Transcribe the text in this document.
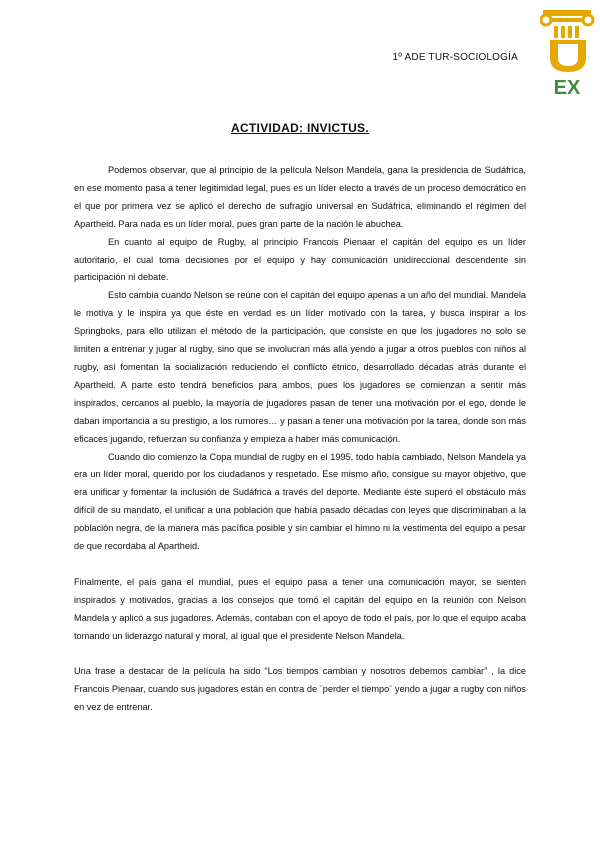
1º ADE TUR-SOCIOLOGÍA
EX
ACTIVIDAD: INVICTUS.

Podemos observar, que al principio de la película Nelson Mandela, gana la presidencia de Sudáfrica, en ese momento pasa a tener legitimidad legal, pues es un líder electo a través de un proceso democrático en el que por primera vez se aplicó el derecho de sufragio universal en Sudáfrica, eliminando el régimen del Apartheid. Para nada es un líder moral, pues gran parte de la nación le abuchea.

En cuanto al equipo de Rugby, al principio Francois Pienaar el capitán del equipo es un líder autoritario, el cual toma decisiones por el equipo y hay comunicación unidireccional descendente sin participación ni debate.

Esto cambia cuando Nelson se reúne con el capitán del equipo apenas a un año del mundial. Mandela le motiva y le inspira ya que éste en verdad es un líder motivado con la tarea, y busca inspirar a los Springboks, para ello utilizan el método de la participación, que consiste en que los jugadores no solo se limiten a entrenar y jugar al rugby, sino que se involucran más allá yendo a jugar a otros pueblos con niños al rugby, así fomentan la socialización reduciendo el conflicto étnico, desarrollado décadas atrás durante el Apartheid. A parte esto tendrá beneficios para ambos, pues los jugadores se comienzan a sentir más inspirados, cercanos al pueblo, la mayoría de jugadores pasan de tener una motivación por el ego, donde le daban importancia a su prestigio, a los rumores… y pasan a tener una motivación por la tarea, donde son más eficaces jugando, refuerzan su confianza y empieza a haber más comunicación.

Cuando dio comienzo la Copa mundial de rugby en el 1995, todo había cambiado, Nelson Mandela ya era un líder moral, querido por los ciudadanos y respetado. Ese mismo año, consigue su mayor objetivo, que era unificar y fomentar la inclusión de Sudáfrica a través del deporte. Mediante éste superó el obstáculo más difícil de su mandato, el unificar a una población que había pasado décadas con leyes que discriminaban a la población negra, de la manera más pacífica posible y sin cambiar el himno ni la vestimenta del equipo a pesar de que recordaba al Apartheid.

Finalmente, el país gana el mundial, pues el equipo pasa a tener una comunicación mayor, se sienten inspirados y motivados, gracias a los consejos que tomó el capitán del equipo en la reunión con Nelson Mandela y aplicó a sus jugadores. Además, contaban con el apoyo de todo el país, por lo que el equipo acaba tomando un liderazgo natural y moral, al igual que el presidente Nelson Mandela.

Una frase a destacar de la película ha sido “Los tiempos cambian y nosotros debemos cambiar” , la dice Francois Pienaar, cuando sus jugadores están en contra de ¨perder el tiempo¨ yendo a jugar a rugby con niños en vez de entrenar.
